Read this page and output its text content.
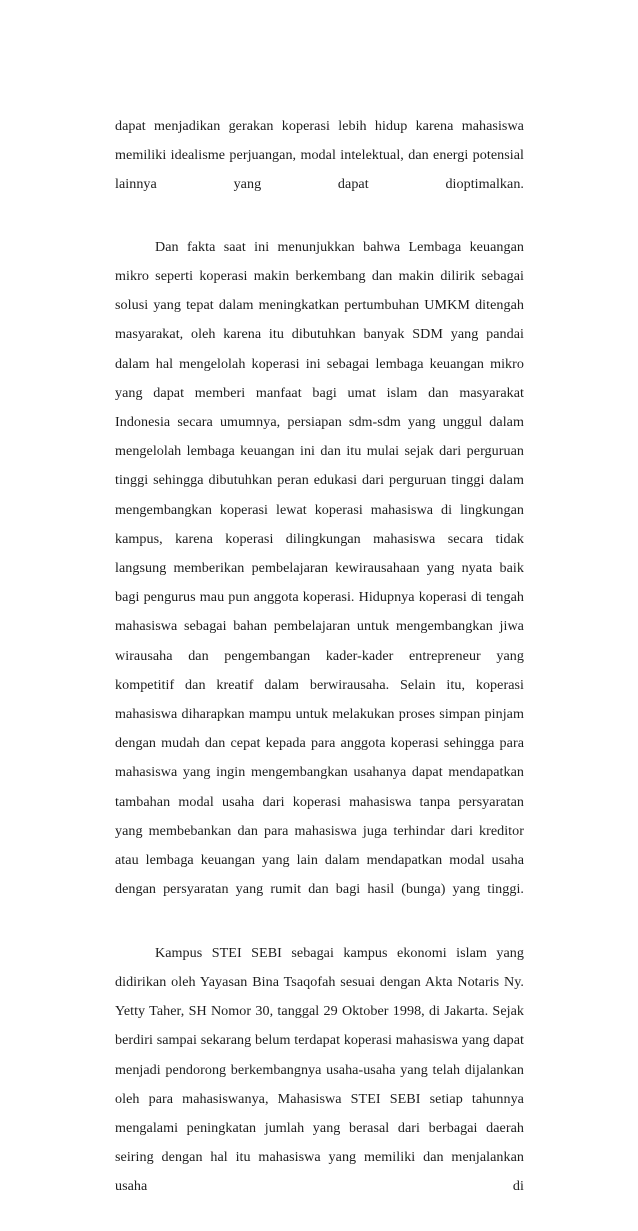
dapat menjadikan gerakan koperasi lebih hidup karena mahasiswa memiliki idealisme perjuangan, modal intelektual, dan energi potensial lainnya yang dapat dioptimalkan.

Dan fakta saat ini menunjukkan bahwa Lembaga keuangan mikro seperti koperasi makin berkembang dan makin dilirik sebagai solusi yang tepat dalam meningkatkan pertumbuhan UMKM ditengah masyarakat, oleh karena itu dibutuhkan banyak SDM yang pandai dalam hal mengelolah koperasi ini sebagai lembaga keuangan mikro yang dapat memberi manfaat bagi umat islam dan masyarakat Indonesia secara umumnya, persiapan sdm-sdm yang unggul dalam mengelolah lembaga keuangan ini dan itu mulai sejak dari perguruan tinggi sehingga dibutuhkan peran edukasi dari perguruan tinggi dalam mengembangkan koperasi lewat koperasi mahasiswa di lingkungan kampus, karena koperasi dilingkungan mahasiswa secara tidak langsung memberikan pembelajaran kewirausahaan yang nyata baik bagi pengurus mau pun anggota koperasi. Hidupnya koperasi di tengah mahasiswa sebagai bahan pembelajaran untuk mengembangkan jiwa wirausaha dan pengembangan kader-kader entrepreneur yang kompetitif dan kreatif dalam berwirausaha. Selain itu, koperasi mahasiswa diharapkan mampu untuk melakukan proses simpan pinjam dengan mudah dan cepat kepada para anggota koperasi sehingga para mahasiswa yang ingin mengembangkan usahanya dapat mendapatkan tambahan modal usaha dari koperasi mahasiswa tanpa persyaratan yang membebankan dan para mahasiswa juga terhindar dari kreditor atau lembaga keuangan yang lain dalam mendapatkan modal usaha dengan persyaratan yang rumit dan bagi hasil (bunga) yang tinggi.

Kampus STEI SEBI sebagai kampus ekonomi islam yang didirikan oleh Yayasan Bina Tsaqofah sesuai dengan Akta Notaris Ny. Yetty Taher, SH Nomor 30, tanggal 29 Oktober 1998, di Jakarta. Sejak berdiri sampai sekarang belum terdapat koperasi mahasiswa yang dapat menjadi pendorong berkembangnya usaha-usaha yang telah dijalankan oleh para mahasiswanya, Mahasiswa STEI SEBI setiap tahunnya mengalami peningkatan jumlah yang berasal dari berbagai daerah seiring dengan hal itu mahasiswa yang memiliki dan menjalankan usaha di
